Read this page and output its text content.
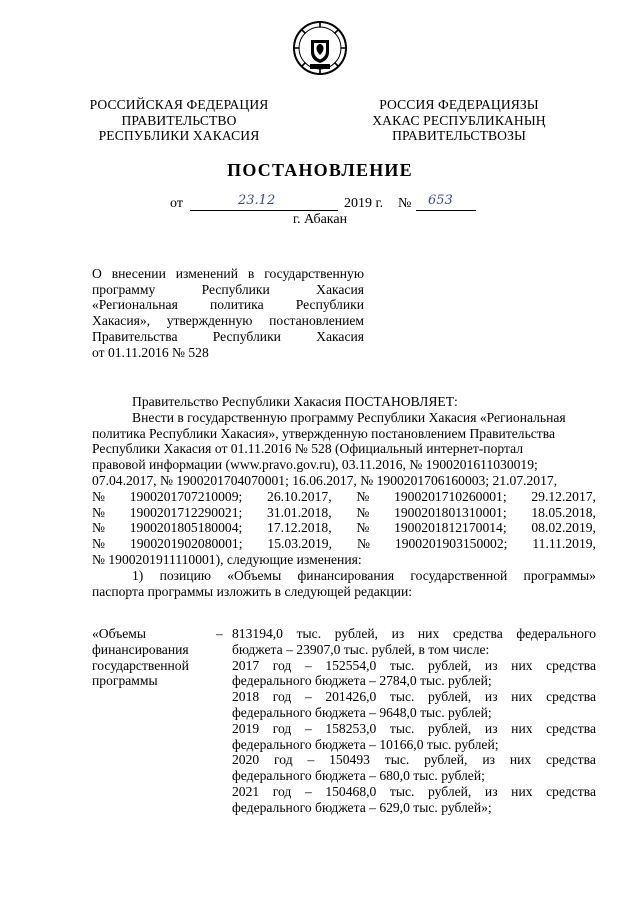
РОССИЙСКАЯ ФЕДЕРАЦИЯ
ПРАВИТЕЛЬСТВО
РЕСПУБЛИКИ ХАКАСИЯ
РОССИЯ ФЕДЕРАЦИЯЗЫ
ХАКАС РЕСПУБЛИКАНЫҢ
ПРАВИТЕЛЬСТВОЗЫ
ПОСТАНОВЛЕНИЕ
от	23.12	2019 г. № 653
г. Абакан
О внесении изменений в государственную
программу	Республики	Хакасия
«Региональная политика Республики
Хакасия», утвержденную постановлением
Правительства	Республики	Хакасия
от 01.11.2016 № 528
Правительство Республики Хакасия ПОСТАНОВЛЯЕТ:
Внести в государственную программу Республики Хакасия «Региональная
политика Республики Хакасия», утвержденную постановлением Правительства
Республики Хакасия от 01.11.2016 № 528 (Официальный интернет-портал
правовой информации (www.pravo.gov.ru), 03.11.2016, № 1900201611030019;
07.04.2017, № 1900201704070001; 16.06.2017, № 1900201706160003; 21.07.2017,
№ 1900201707210009; 26.10.2017, № 1900201710260001; 29.12.2017,
№ 1900201712290021; 31.01.2018, № 1900201801310001; 18.05.2018,
№ 1900201805180004; 17.12.2018, № 1900201812170014; 08.02.2019,
№ 1900201902080001; 15.03.2019, № 1900201903150002; 11.11.2019,
№ 1900201911110001), следующие изменения:
1) позицию «Объемы финансирования государственной программы»
паспорта программы изложить в следующей редакции:
«Объемы
финансирования
государственной
программы
– 813194,0 тыс. рублей, из них средства федерального
бюджета – 23907,0 тыс. рублей, в том числе:
2017 год – 152554,0 тыс. рублей, из них средства
федерального бюджета – 2784,0 тыс. рублей;
2018 год – 201426,0 тыс. рублей, из них средства
федерального бюджета – 9648,0 тыс. рублей;
2019 год – 158253,0 тыс. рублей, из них средства
федерального бюджета – 10166,0 тыс. рублей;
2020 год – 150493 тыс. рублей, из них средства
федерального бюджета – 680,0 тыс. рублей;
2021 год – 150468,0 тыс. рублей, из них средства
федерального бюджета – 629,0 тыс. рублей»;
